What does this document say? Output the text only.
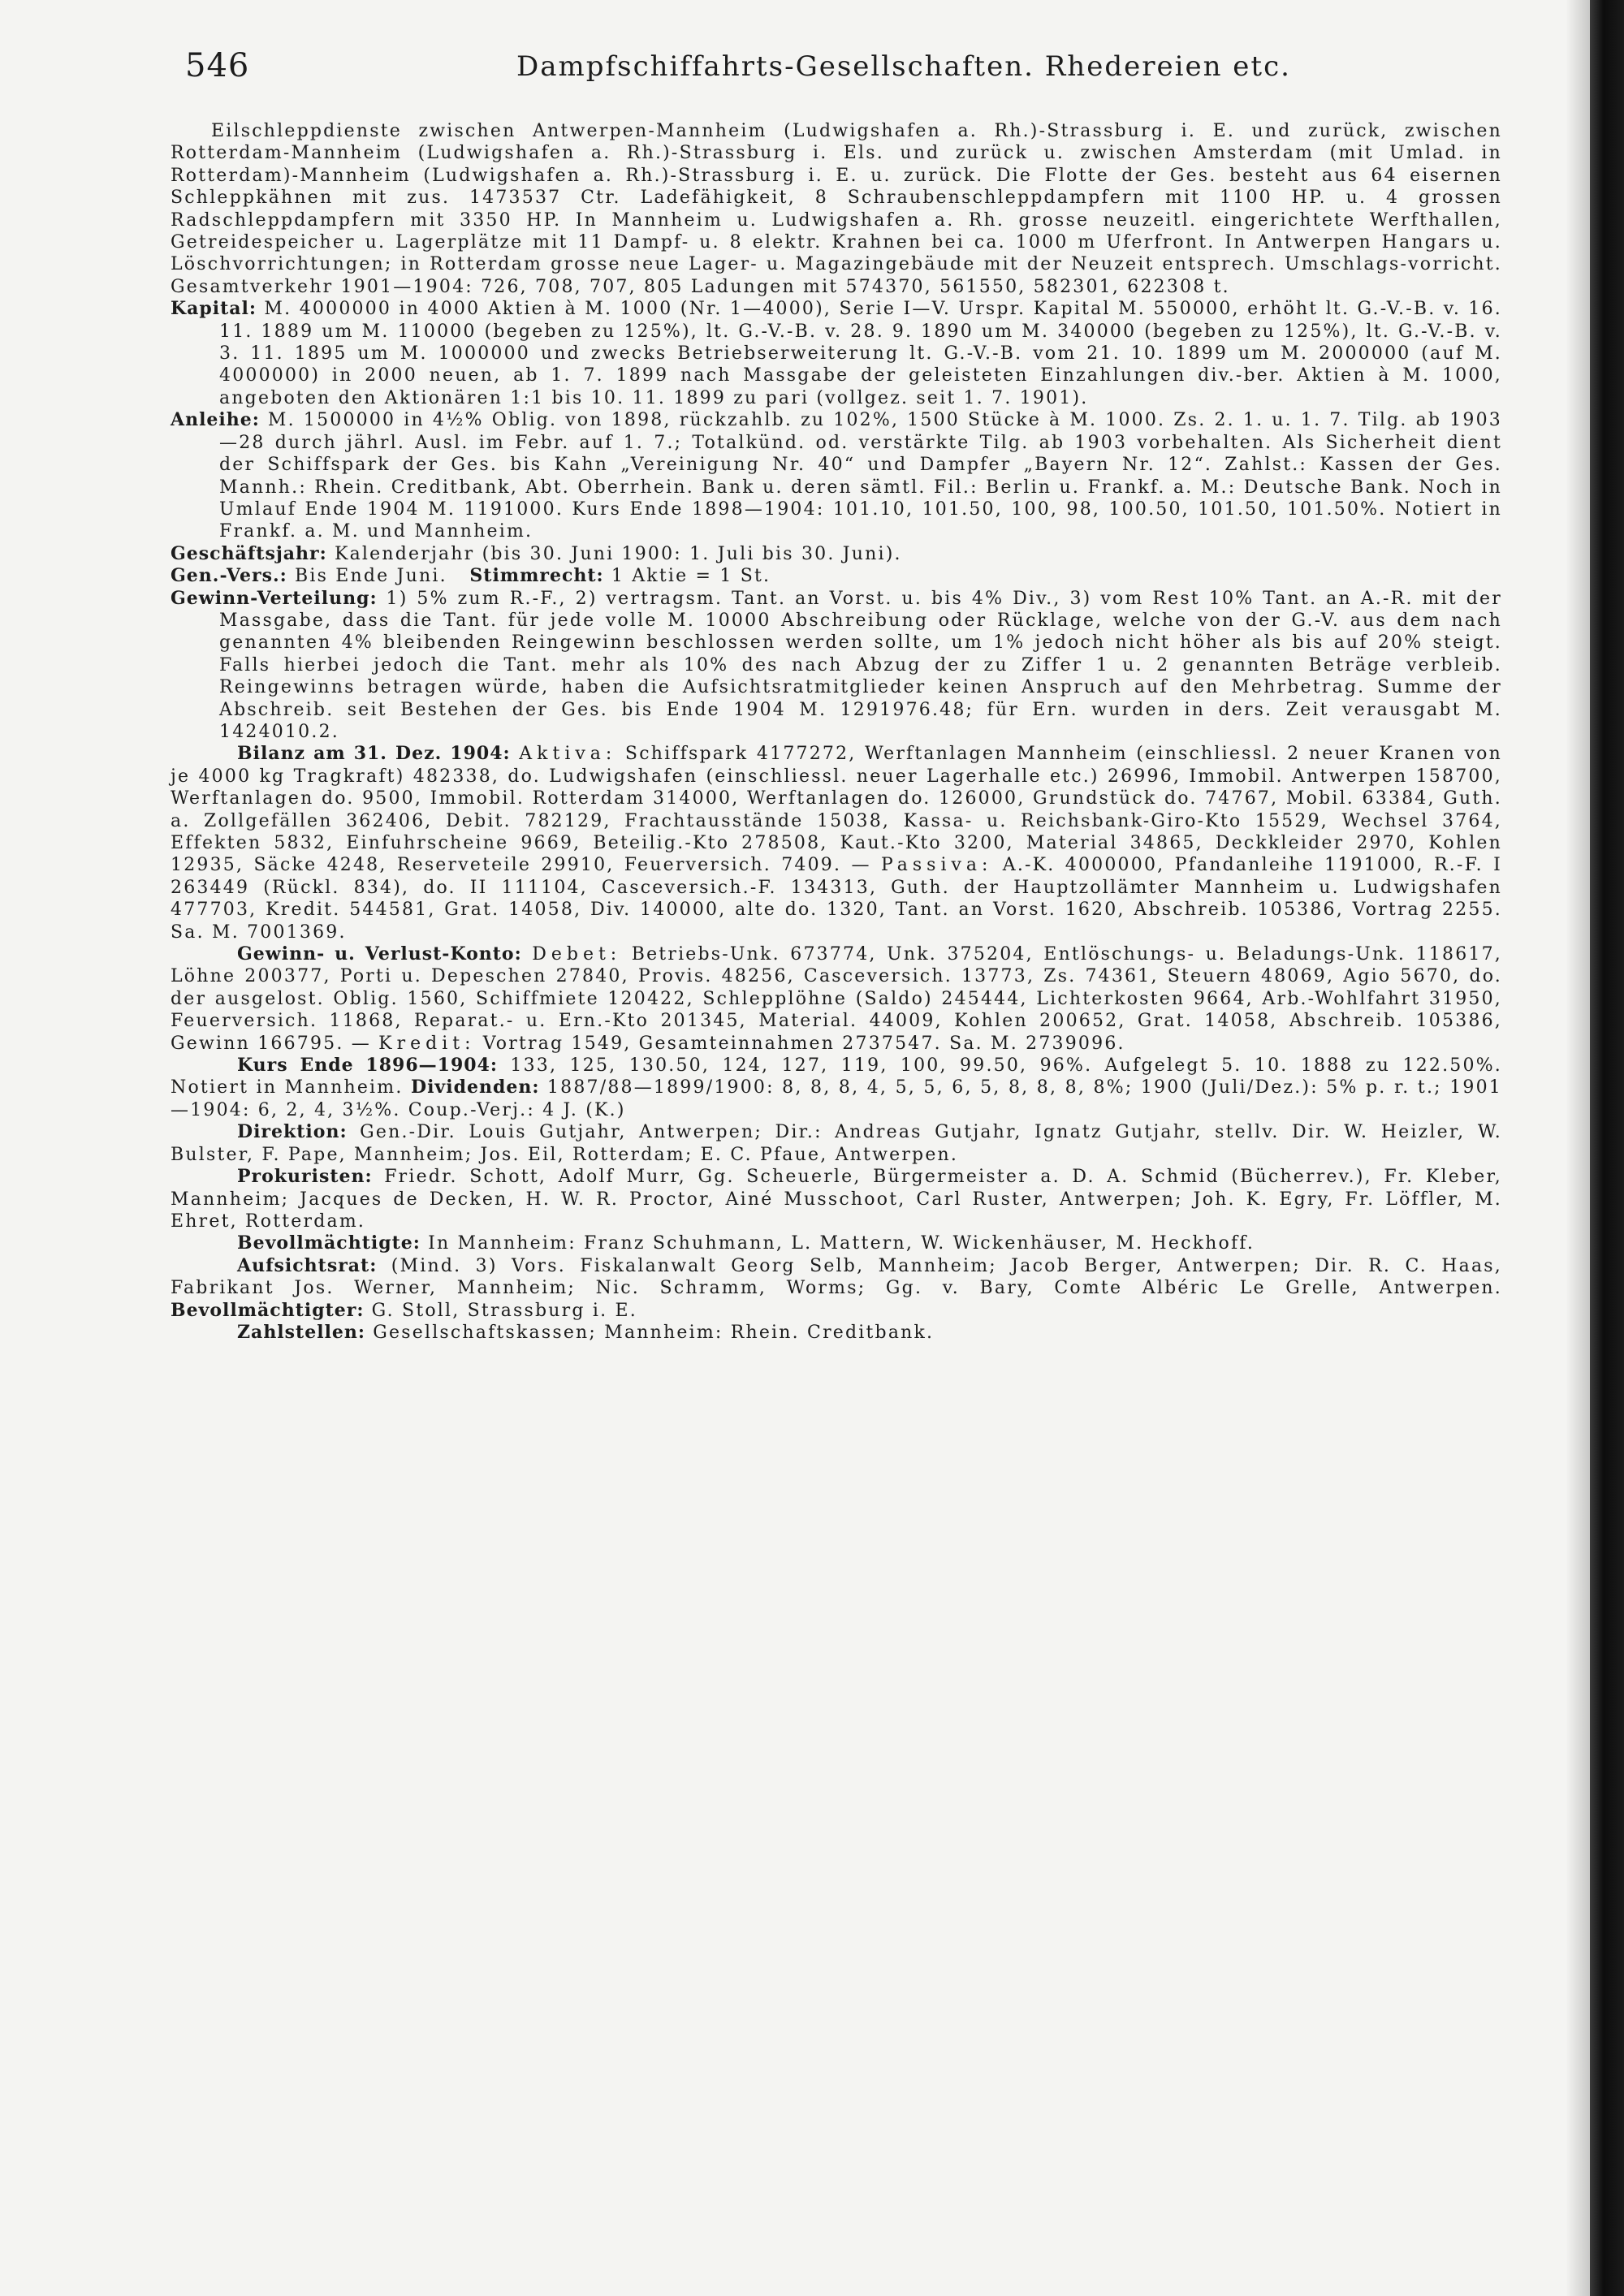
546	Dampfschiffahrts-Gesellschaften. Rhedereien etc.

Eilschleppdienste zwischen Antwerpen-Mannheim (Ludwigshafen a. Rh.)-Strassburg i. E. und zurück, zwischen Rotterdam-Mannheim (Ludwigshafen a. Rh.)-Strassburg i. Els. und zurück u. zwischen Amsterdam (mit Umlad. in Rotterdam)-Mannheim (Ludwigshafen a. Rh.)-Strassburg i. E. u. zurück. Die Flotte der Ges. besteht aus 64 eisernen Schleppkähnen mit zus. 1473537 Ctr. Ladefähigkeit, 8 Schraubenschleppdampfern mit 1100 HP. u. 4 grossen Radschleppdampfern mit 3350 HP. In Mannheim u. Ludwigshafen a. Rh. grosse neuzeitl. eingerichtete Werfthallen, Getreidespeicher u. Lagerplätze mit 11 Dampf- u. 8 elektr. Krahnen bei ca. 1000 m Uferfront. In Antwerpen Hangars u. Löschvorrichtungen; in Rotterdam grosse neue Lager- u. Magazingebäude mit der Neuzeit entsprech. Umschlags-vorricht. Gesamtverkehr 1901—1904: 726, 708, 707, 805 Ladungen mit 574370, 561550, 582301, 622308 t.

Kapital: M. 4000000 in 4000 Aktien à M. 1000 (Nr. 1—4000), Serie I—V. Urspr. Kapital M. 550000, erhöht lt. G.-V.-B. v. 16. 11. 1889 um M. 110000 (begeben zu 125%), lt. G.-V.-B. v. 28. 9. 1890 um M. 340000 (begeben zu 125%), lt. G.-V.-B. v. 3. 11. 1895 um M. 1000000 und zwecks Betriebserweiterung lt. G.-V.-B. vom 21. 10. 1899 um M. 2000000 (auf M. 4000000) in 2000 neuen, ab 1. 7. 1899 nach Massgabe der geleisteten Einzahlungen div.-ber. Aktien à M. 1000, angeboten den Aktionären 1:1 bis 10. 11. 1899 zu pari (vollgez. seit 1. 7. 1901).

Anleihe: M. 1500000 in 4½% Oblig. von 1898, rückzahlb. zu 102%, 1500 Stücke à M. 1000. Zs. 2. 1. u. 1. 7. Tilg. ab 1903—28 durch jährl. Ausl. im Febr. auf 1. 7.; Totalkünd. od. verstärkte Tilg. ab 1903 vorbehalten. Als Sicherheit dient der Schiffspark der Ges. bis Kahn „Vereinigung Nr. 40“ und Dampfer „Bayern Nr. 12“. Zahlst.: Kassen der Ges. Mannh.: Rhein. Creditbank, Abt. Oberrhein. Bank u. deren sämtl. Fil.: Berlin u. Frankf. a. M.: Deutsche Bank. Noch in Umlauf Ende 1904 M. 1191000. Kurs Ende 1898—1904: 101.10, 101.50, 100, 98, 100.50, 101.50, 101.50%. Notiert in Frankf. a. M. und Mannheim.

Geschäftsjahr: Kalenderjahr (bis 30. Juni 1900: 1. Juli bis 30. Juni).

Gen.-Vers.: Bis Ende Juni. Stimmrecht: 1 Aktie = 1 St.

Gewinn-Verteilung: 1) 5% zum R.-F., 2) vertragsm. Tant. an Vorst. u. bis 4% Div., 3) vom Rest 10% Tant. an A.-R. mit der Massgabe, dass die Tant. für jede volle M. 10000 Abschreibung oder Rücklage, welche von der G.-V. aus dem nach genannten 4% bleibenden Reingewinn beschlossen werden sollte, um 1% jedoch nicht höher als bis auf 20% steigt. Falls hierbei jedoch die Tant. mehr als 10% des nach Abzug der zu Ziffer 1 u. 2 genannten Beträge verbleib. Reingewinns betragen würde, haben die Aufsichtsratmitglieder keinen Anspruch auf den Mehrbetrag. Summe der Abschreib. seit Bestehen der Ges. bis Ende 1904 M. 1291976.48; für Ern. wurden in ders. Zeit verausgabt M. 1424010.2.

Bilanz am 31. Dez. 1904: Aktiva: Schiffspark 4177272, Werftanlagen Mannheim (einschliessl. 2 neuer Kranen von je 4000 kg Tragkraft) 482338, do. Ludwigshafen (einschliessl. neuer Lagerhalle etc.) 26996, Immobil. Antwerpen 158700, Werftanlagen do. 9500, Immobil. Rotterdam 314000, Werftanlagen do. 126000, Grundstück do. 74767, Mobil. 63384, Guth. a. Zollgefällen 362406, Debit. 782129, Frachtausstände 15038, Kassa- u. Reichsbank-Giro-Kto 15529, Wechsel 3764, Effekten 5832, Einfuhrscheine 9669, Beteilig.-Kto 278508, Kaut.-Kto 3200, Material 34865, Deckkleider 2970, Kohlen 12935, Säcke 4248, Reserveteile 29910, Feuerversich. 7409. — Passiva: A.-K. 4000000, Pfandanleihe 1191000, R.-F. I 263449 (Rückl. 834), do. II 111104, Casceversich.-F. 134313, Guth. der Hauptzollämter Mannheim u. Ludwigshafen 477703, Kredit. 544581, Grat. 14058, Div. 140000, alte do. 1320, Tant. an Vorst. 1620, Abschreib. 105386, Vortrag 2255. Sa. M. 7001369.

Gewinn- u. Verlust-Konto: Debet: Betriebs-Unk. 673774, Unk. 375204, Entlöschungs- u. Beladungs-Unk. 118617, Löhne 200377, Porti u. Depeschen 27840, Provis. 48256, Casceversich. 13773, Zs. 74361, Steuern 48069, Agio 5670, do. der ausgelost. Oblig. 1560, Schiffmiete 120422, Schlepplöhne (Saldo) 245444, Lichterkosten 9664, Arb.-Wohlfahrt 31950, Feuerversich. 11868, Reparat.- u. Ern.-Kto 201345, Material. 44009, Kohlen 200652, Grat. 14058, Abschreib. 105386, Gewinn 166795. — Kredit: Vortrag 1549, Gesamteinnahmen 2737547. Sa. M. 2739096.

Kurs Ende 1896—1904: 133, 125, 130.50, 124, 127, 119, 100, 99.50, 96%. Aufgelegt 5. 10. 1888 zu 122.50%. Notiert in Mannheim. Dividenden: 1887/88—1899/1900: 8, 8, 8, 4, 5, 5, 6, 5, 8, 8, 8, 8%; 1900 (Juli/Dez.): 5% p. r. t.; 1901—1904: 6, 2, 4, 3½%. Coup.-Verj.: 4 J. (K.)

Direktion: Gen.-Dir. Louis Gutjahr, Antwerpen; Dir.: Andreas Gutjahr, Ignatz Gutjahr, stellv. Dir. W. Heizler, W. Bulster, F. Pape, Mannheim; Jos. Eil, Rotterdam; E. C. Pfaue, Antwerpen.

Prokuristen: Friedr. Schott, Adolf Murr, Gg. Scheuerle, Bürgermeister a. D. A. Schmid (Bücherrev.), Fr. Kleber, Mannheim; Jacques de Decken, H. W. R. Proctor, Ainé Musschoot, Carl Ruster, Antwerpen; Joh. K. Egry, Fr. Löffler, M. Ehret, Rotterdam.

Bevollmächtigte: In Mannheim: Franz Schuhmann, L. Mattern, W. Wickenhäuser, M. Heckhoff.

Aufsichtsrat: (Mind. 3) Vors. Fiskalanwalt Georg Selb, Mannheim; Jacob Berger, Antwerpen; Dir. R. C. Haas, Fabrikant Jos. Werner, Mannheim; Nic. Schramm, Worms; Gg. v. Bary, Comte Albéric Le Grelle, Antwerpen. Bevollmächtigter: G. Stoll, Strassburg i. E.

Zahlstellen: Gesellschaftskassen; Mannheim: Rhein. Creditbank.
